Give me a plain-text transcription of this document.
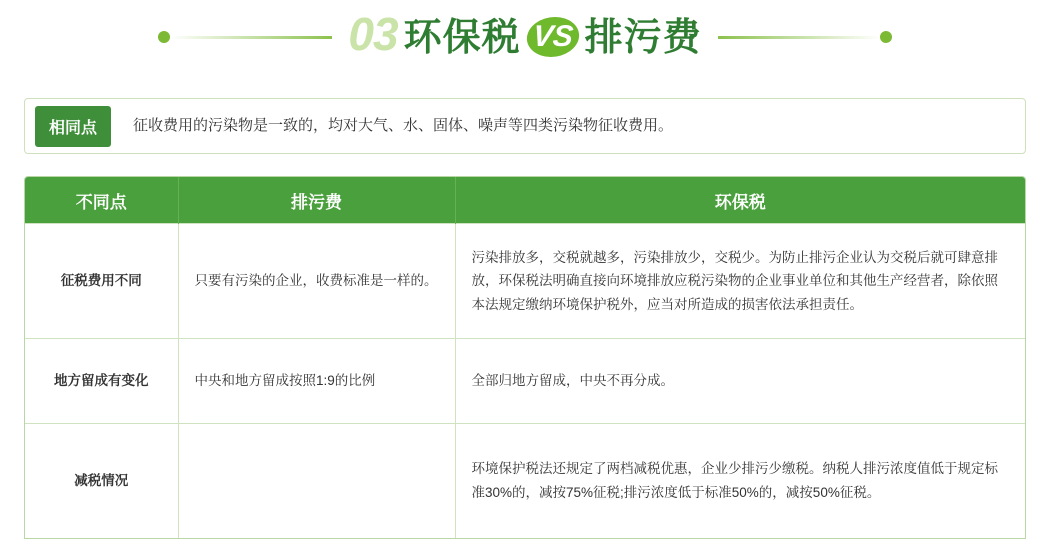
03 环保税 VS 排污费
相同点	征收费用的污染物是一致的，均对大气、水、固体、噪声等四类污染物征收费用。
不同点	排污费	环保税
征税费用不同	只要有污染的企业，收费标准是一样的。	污染排放多，交税就越多，污染排放少，交税少。为防止排污企业认为交税后就可肆意排放，环保税法明确直接向环境排放应税污染物的企业事业单位和其他生产经营者，除依照本法规定缴纳环境保护税外，应当对所造成的损害依法承担责任。
地方留成有变化	中央和地方留成按照1:9的比例	全部归地方留成，中央不再分成。
减税情况		环境保护税法还规定了两档减税优惠，企业少排污少缴税。纳税人排污浓度值低于规定标准30%的，减按75%征税;排污浓度低于标准50%的，减按50%征税。
